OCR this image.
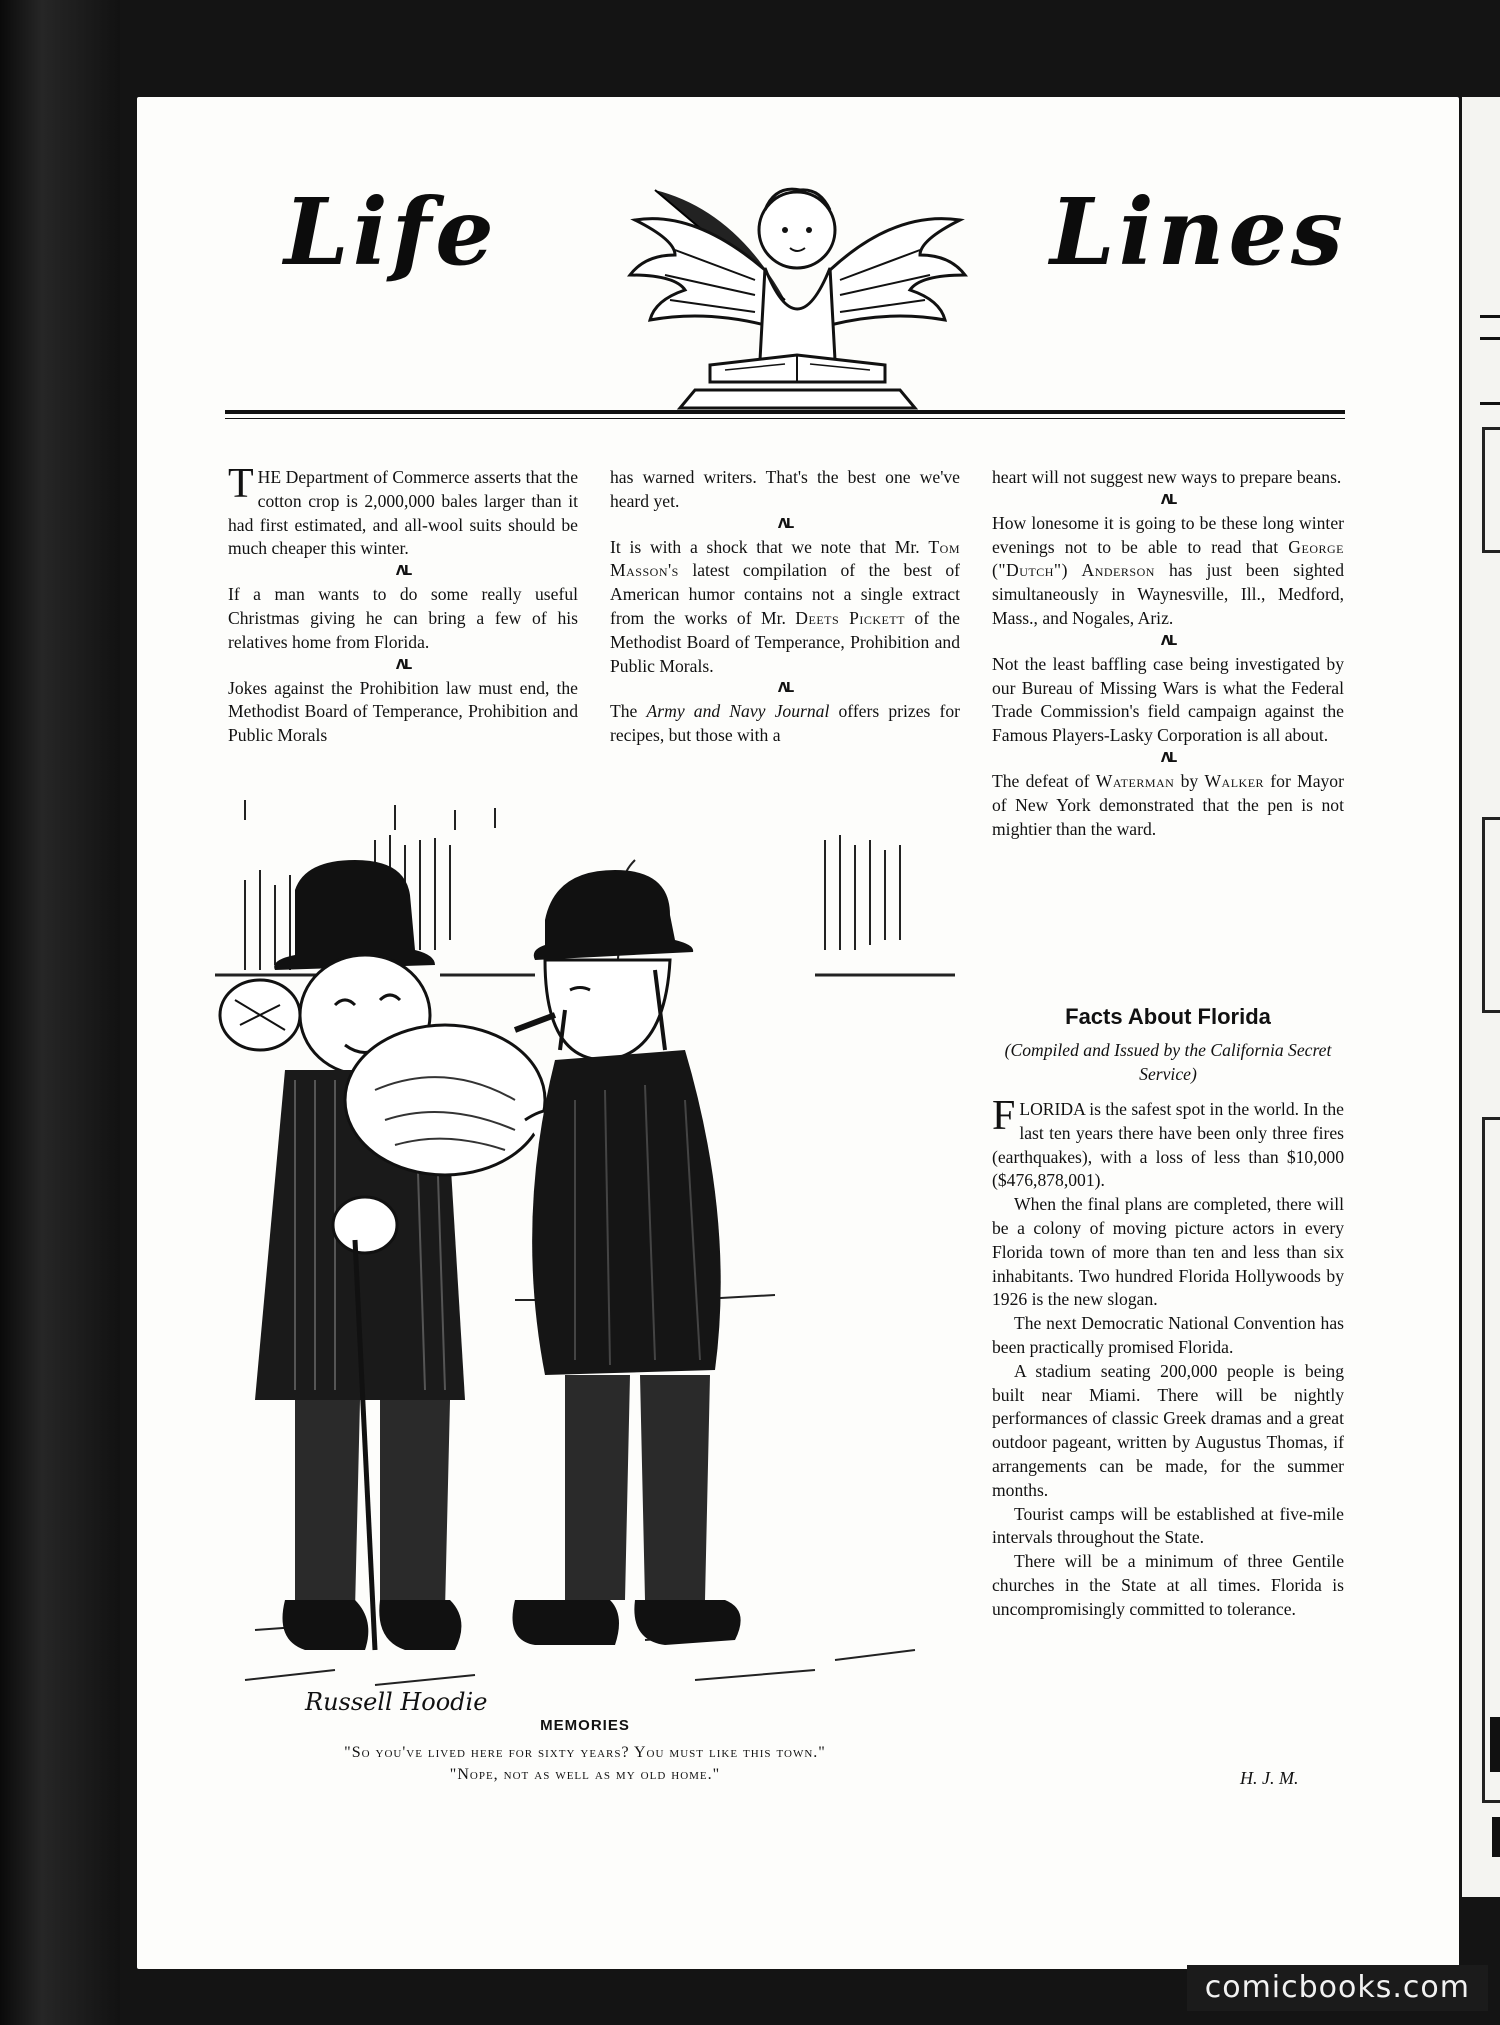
Life	Lines

THE Department of Commerce asserts that the cotton crop is 2,000,000 bales larger than it had first estimated, and all-wool suits should be much cheaper this winter.

ɅL

If a man wants to do some really useful Christmas giving he can bring a few of his relatives home from Florida.

ɅL

Jokes against the Prohibition law must end, the Methodist Board of Temperance, Prohibition and Public Morals

has warned writers. That's the best one we've heard yet.

ɅL

It is with a shock that we note that Mr. Tom Masson's latest compilation of the best of American humor contains not a single extract from the works of Mr. Deets Pickett of the Methodist Board of Temperance, Prohibition and Public Morals.

ɅL

The Army and Navy Journal offers prizes for recipes, but those with a

heart will not suggest new ways to prepare beans.

ɅL

How lonesome it is going to be these long winter evenings not to be able to read that George ("Dutch") Anderson has just been sighted simultaneously in Waynesville, Ill., Medford, Mass., and Nogales, Ariz.

ɅL

Not the least baffling case being investigated by our Bureau of Missing Wars is what the Federal Trade Commission's field campaign against the Famous Players-Lasky Corporation is all about.

ɅL

The defeat of Waterman by Walker for Mayor of New York demonstrated that the pen is not mightier than the ward.

Facts About Florida
(Compiled and Issued by the California Secret Service)

FLORIDA is the safest spot in the world. In the last ten years there have been only three fires (earthquakes), with a loss of less than $10,000 ($476,878,001).

When the final plans are completed, there will be a colony of moving picture actors in every Florida town of more than ten and less than six inhabitants. Two hundred Florida Hollywoods by 1926 is the new slogan.

The next Democratic National Convention has been practically promised Florida.

A stadium seating 200,000 people is being built near Miami. There will be nightly performances of classic Greek dramas and a great outdoor pageant, written by Augustus Thomas, if arrangements can be made, for the summer months.

Tourist camps will be established at five-mile intervals throughout the State.

There will be a minimum of three Gentile churches in the State at all times. Florida is uncompromisingly committed to tolerance.

H. J. M.
Russell Hoodie
MEMORIES
"So you've lived here for sixty years? You must like this town."
"Nope, not as well as my old home."
comicbooks.com
